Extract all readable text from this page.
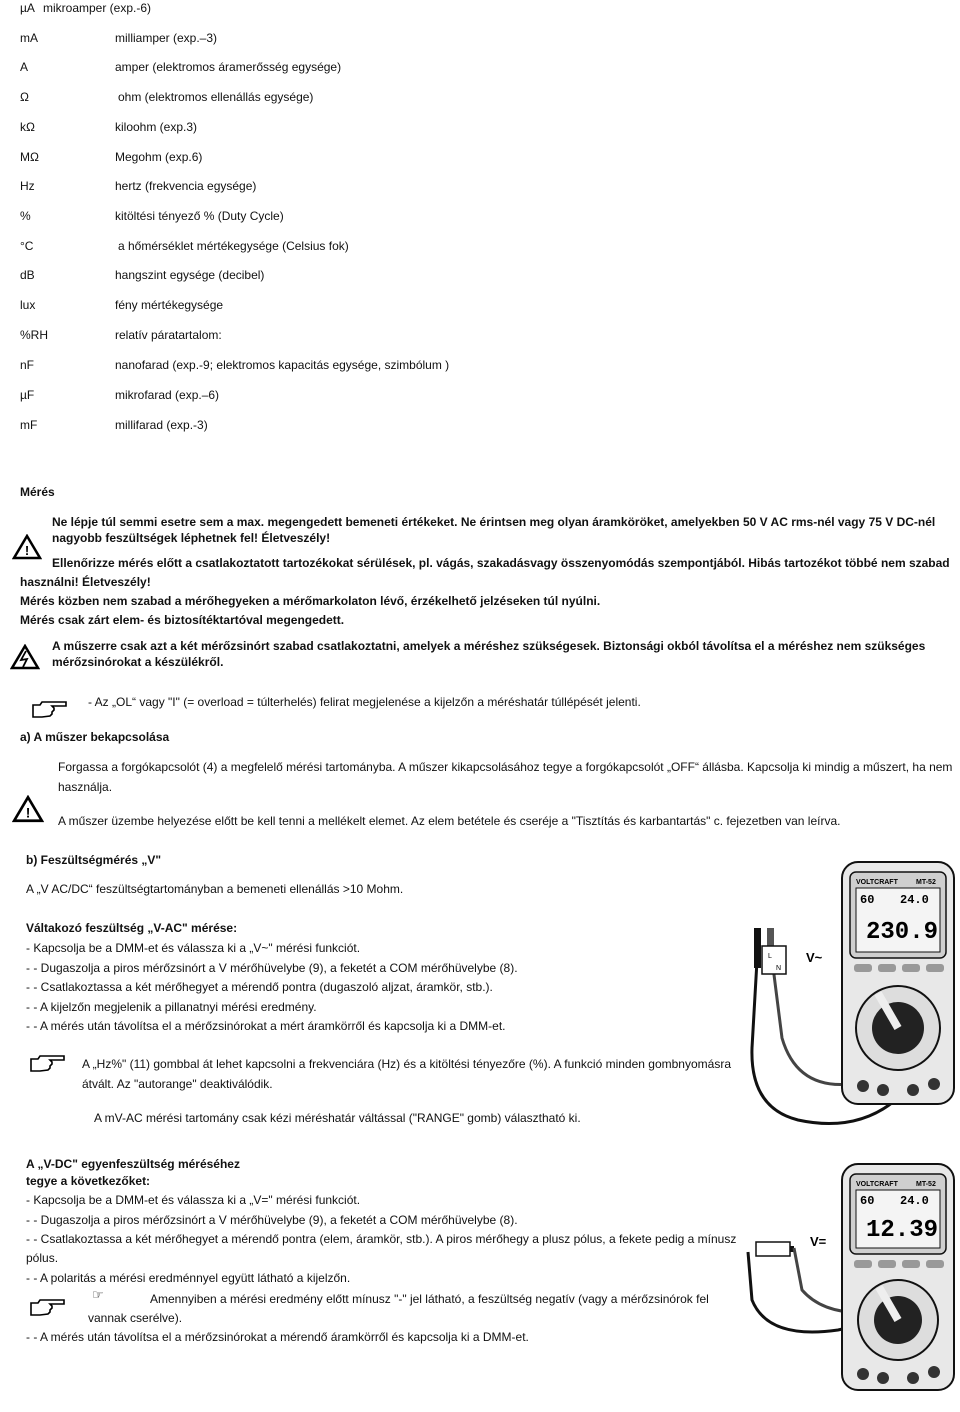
µA mikroamper (exp.-6)
mA	milliamper (exp.–3)
A	amper (elektromos áramerősség egysége)
Ω	ohm (elektromos ellenállás egysége)
kΩ	kiloohm (exp.3)
MΩ	Megohm (exp.6)
Hz	hertz (frekvencia egysége)
%	kitöltési tényező % (Duty Cycle)
°C	a hőmérséklet mértékegysége (Celsius fok)
dB	hangszint egysége (decibel)
lux	fény mértékegysége
%RH	relatív páratartalom:
nF	nanofarad (exp.-9; elektromos kapacitás egysége, szimbólum )
µF	mikrofarad (exp.–6)
mF	millifarad (exp.-3)

Mérés

!

Ne lépje túl semmi esetre sem a max. megengedett bemeneti értékeket. Ne érintsen meg olyan áramköröket, amelyekben 50 V AC rms-nél vagy 75 V DC-nél nagyobb feszültségek léphetnek fel! Életveszély!

Ellenőrizze mérés előtt a csatlakoztatott tartozékokat sérülések, pl. vágás, szakadásvagy összenyomódás szempontjából. Hibás tartozékot többé nem szabad

használni! Életveszély!

Mérés közben nem szabad a mérőhegyeken a mérőmarkolaton lévő, érzékelhető jelzéseken túl nyúlni.

Mérés csak zárt elem- és biztosítéktartóval megengedett.

A műszerre csak azt a két mérőzsinórt szabad csatlakoztatni, amelyek a méréshez szükségesek. Biztonsági okból távolítsa el a méréshez nem szükséges mérőzsinórokat a készülékről.

- Az „OL“ vagy "I" (= overload = túlterhelés) felirat megjelenése a kijelzőn a méréshatár túllépését jelenti.

a) A műszer bekapcsolása

Forgassa a forgókapcsolót (4) a megfelelő mérési tartományba. A műszer kikapcsolásához tegye a forgókapcsolót „OFF“ állásba. Kapcsolja ki mindig a műszert, ha nem használja.

!

A műszer üzembe helyezése előtt be kell tenni a mellékelt elemet. Az elem betétele és cseréje a "Tisztítás és karbantartás" c. fejezetben van leírva.

b) Feszültségmérés „V"

A „V AC/DC“ feszültségtartományban a bemeneti ellenállás >10 Mohm.

Váltakozó feszültség „V-AC" mérése:

- Kapcsolja be a DMM-et és válassza ki a „V~" mérési funkciót.

- - Dugaszolja a piros mérőzsinórt a V mérőhüvelybe (9), a feketét a COM mérőhüvelybe (8).

- - Csatlakoztassa a két mérőhegyet a mérendő pontra (dugaszoló aljzat, áramkör, stb.).

- - A kijelzőn megjelenik a pillanatnyi mérési eredmény.

- - A mérés után távolítsa el a mérőzsinórokat a mért áramkörről és kapcsolja ki a DMM-et.

A „Hz%" (11) gombbal át lehet kapcsolni a frekvenciára (Hz) és a kitöltési tényezőre (%). A funkció minden gombnyomásra átvált. Az "autorange" deaktiválódik.

A mV-AC mérési tartomány csak kézi méréshatár váltással ("RANGE" gomb) választható ki.

A „V-DC" egyenfeszültség méréséhez

tegye a következőket:

- Kapcsolja be a DMM-et és válassza ki a „V=" mérési funkciót.

- - Dugaszolja a piros mérőzsinórt a V mérőhüvelybe (9), a feketét a COM mérőhüvelybe (8).

- - Csatlakoztassa a két mérőhegyet a mérendő pontra (elem, áramkör, stb.). A piros mérőhegy a plusz pólus, a fekete pedig a mínusz pólus.

- - A polaritás a mérési eredménnyel együtt látható a kijelzőn.

☞	Amennyiben a mérési eredmény előtt mínusz "-" jel látható, a feszültség negatív (vagy a mérőzsinórok fel vannak cserélve).

- - A mérés után távolítsa el a mérőzsinórokat a mérendő áramkörről és kapcsolja ki a DMM-et.

L
N
V~
VOLTCRAFT	MT-52
60 24.0
230.9
V=
VOLTCRAFT	MT-52
60 24.0
12.39
